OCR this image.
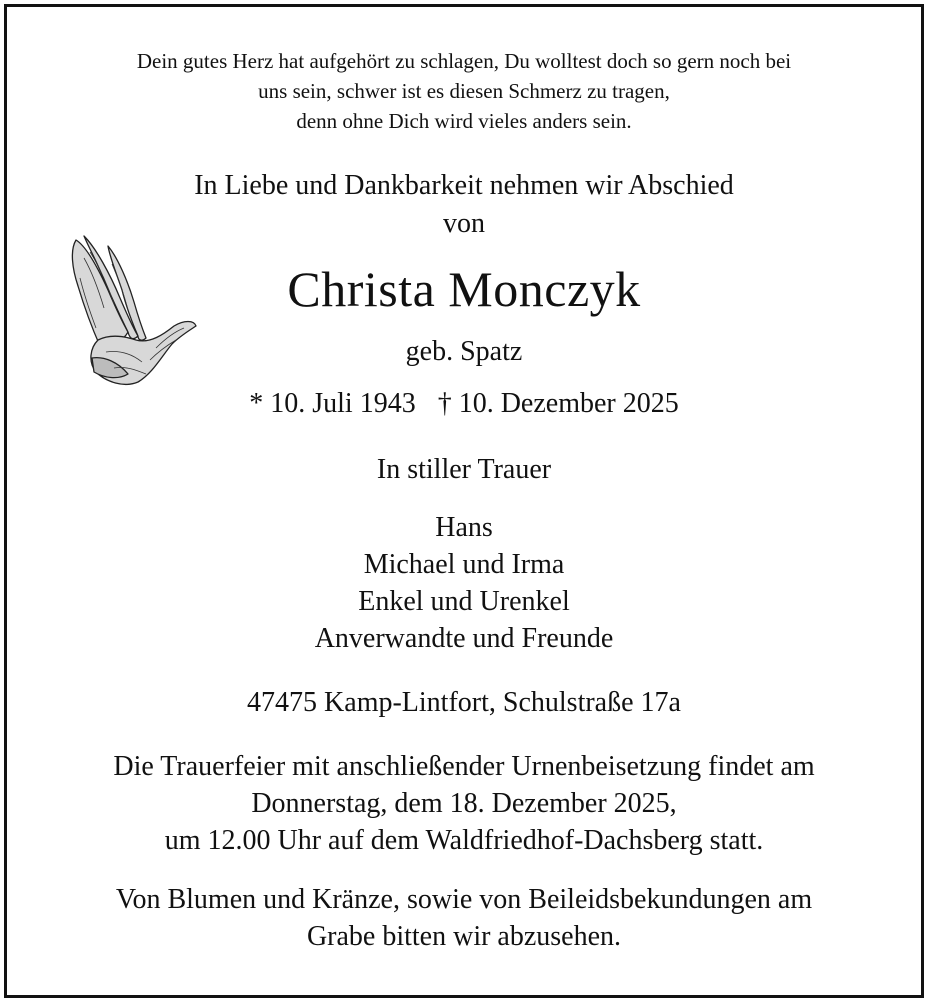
Dein gutes Herz hat aufgehört zu schlagen, Du wolltest doch so gern noch bei
uns sein, schwer ist es diesen Schmerz zu tragen,
denn ohne Dich wird vieles anders sein.
In Liebe und Dankbarkeit nehmen wir Abschied
von
Christa Monczyk
geb. Spatz
* 10. Juli 1943 † 10. Dezember 2025
In stiller Trauer
Hans
Michael und Irma
Enkel und Urenkel
Anverwandte und Freunde
47475 Kamp-Lintfort, Schulstraße 17a
Die Trauerfeier mit anschließender Urnenbeisetzung findet am
Donnerstag, dem 18. Dezember 2025,
um 12.00 Uhr auf dem Waldfriedhof-Dachsberg statt.
Von Blumen und Kränze, sowie von Beileidsbekundungen am
Grabe bitten wir abzusehen.
